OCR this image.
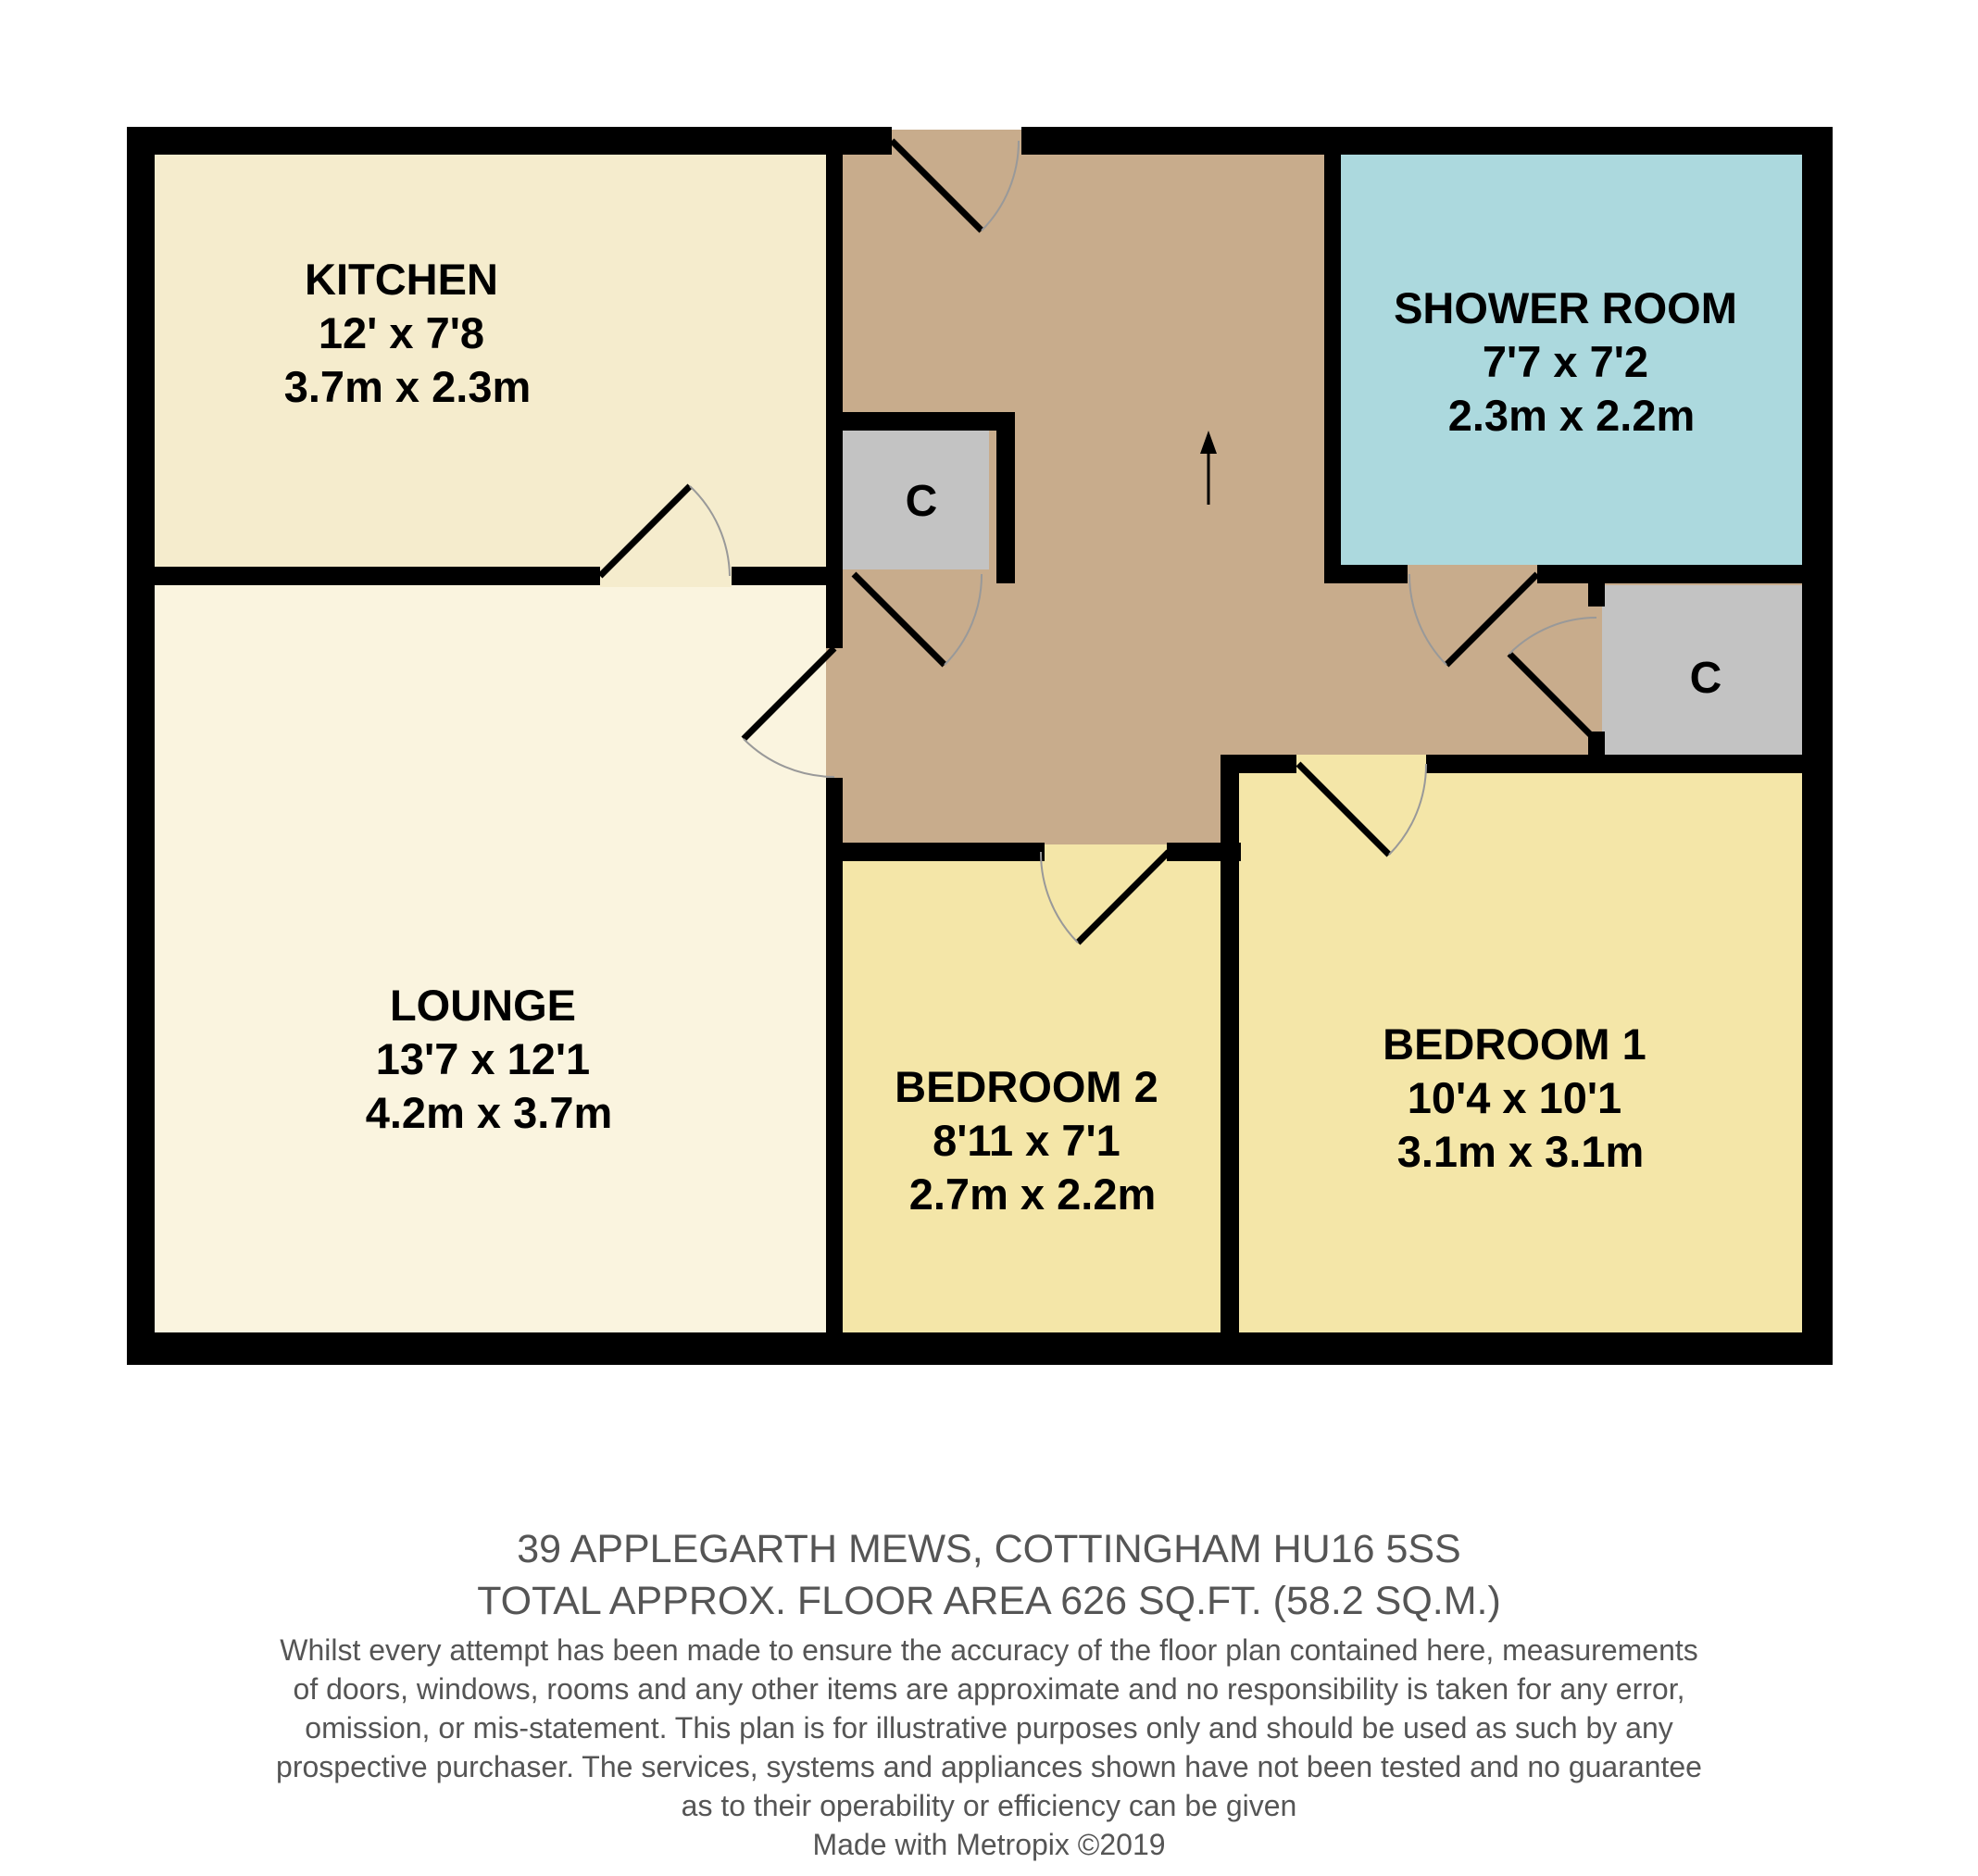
KITCHEN 12' x 7'8 3.7m x 2.3m
LOUNGE 13'7 x 12'1 4.2m x 3.7m
SHOWER ROOM 7'7 x 7'2 2.3m x 2.2m
BEDROOM 1 10'4 x 10'1 3.1m x 3.1m
BEDROOM 2 8'11 x 7'1 2.7m x 2.2m
C
C
39 APPLEGARTH MEWS, COTTINGHAM HU16 5SS
TOTAL APPROX. FLOOR AREA 626 SQ.FT. (58.2 SQ.M.)
Whilst every attempt has been made to ensure the accuracy of the floor plan contained here, measurements
of doors, windows, rooms and any other items are approximate and no responsibility is taken for any error,
omission, or mis-statement. This plan is for illustrative purposes only and should be used as such by any
prospective purchaser. The services, systems and appliances shown have not been tested and no guarantee
as to their operability or efficiency can be given
Made with Metropix ©2019
